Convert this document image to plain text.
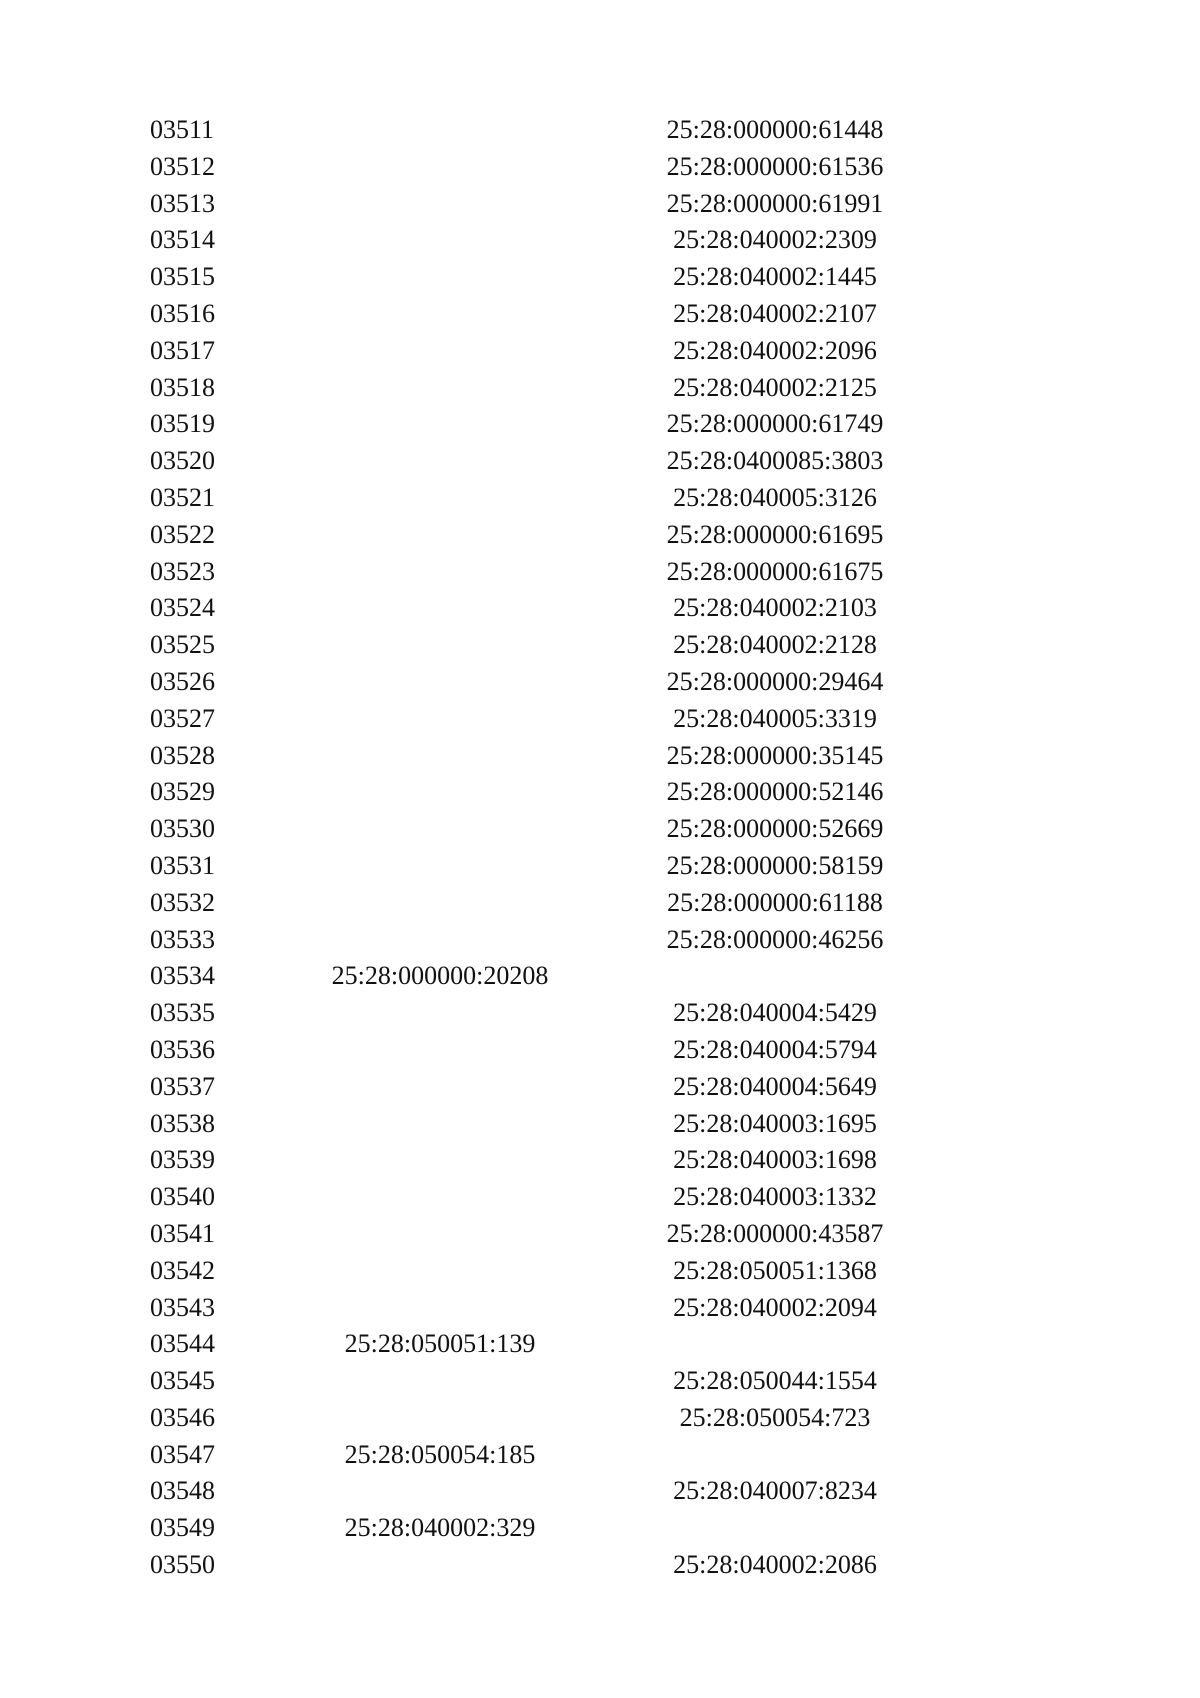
03511	25:28:000000:61448
03512	25:28:000000:61536
03513	25:28:000000:61991
03514	25:28:040002:2309
03515	25:28:040002:1445
03516	25:28:040002:2107
03517	25:28:040002:2096
03518	25:28:040002:2125
03519	25:28:000000:61749
03520	25:28:0400085:3803
03521	25:28:040005:3126
03522	25:28:000000:61695
03523	25:28:000000:61675
03524	25:28:040002:2103
03525	25:28:040002:2128
03526	25:28:000000:29464
03527	25:28:040005:3319
03528	25:28:000000:35145
03529	25:28:000000:52146
03530	25:28:000000:52669
03531	25:28:000000:58159
03532	25:28:000000:61188
03533	25:28:000000:46256
03534	25:28:000000:20208
03535	25:28:040004:5429
03536	25:28:040004:5794
03537	25:28:040004:5649
03538	25:28:040003:1695
03539	25:28:040003:1698
03540	25:28:040003:1332
03541	25:28:000000:43587
03542	25:28:050051:1368
03543	25:28:040002:2094
03544	25:28:050051:139
03545	25:28:050044:1554
03546	25:28:050054:723
03547	25:28:050054:185
03548	25:28:040007:8234
03549	25:28:040002:329
03550	25:28:040002:2086
